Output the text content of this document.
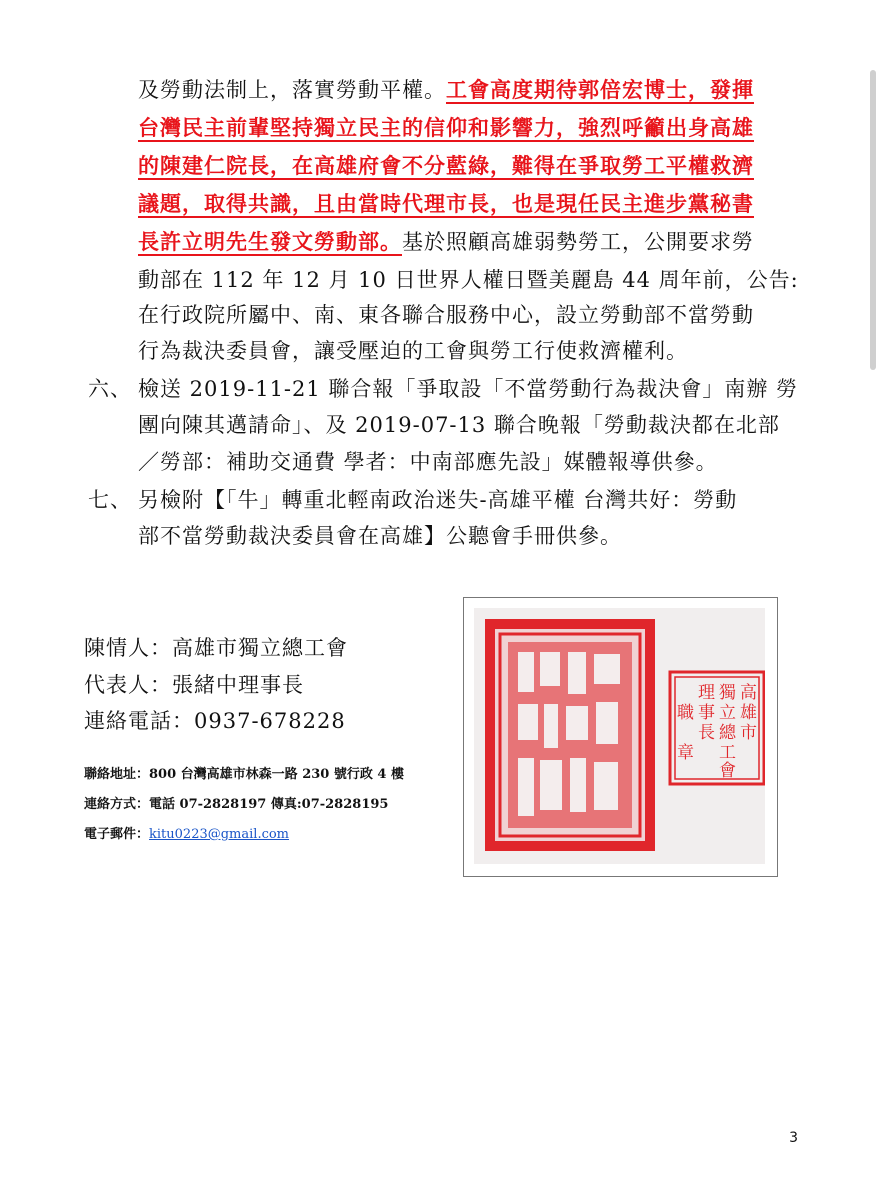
及勞動法制上，落實勞動平權。工會高度期待郭倍宏博士，發揮
台灣民主前輩堅持獨立民主的信仰和影響力，強烈呼籲出身高雄
的陳建仁院長，在高雄府會不分藍綠，難得在爭取勞工平權救濟
議題，取得共識，且由當時代理市長，也是現任民主進步黨秘書
長許立明先生發文勞動部。基於照顧高雄弱勢勞工，公開要求勞
動部在 112 年 12 月 10 日世界人權日暨美麗島 44 周年前，公告:
在行政院所屬中、南、東各聯合服務中心，設立勞動部不當勞動
行為裁決委員會，讓受壓迫的工會與勞工行使救濟權利。
六、 檢送 2019-11-21 聯合報「爭取設「不當勞動行為裁決會」南辦 勞
團向陳其邁請命」、及 2019-07-13 聯合晚報「勞動裁決都在北部
／勞部：補助交通費 學者：中南部應先設」媒體報導供參。
七、 另檢附【「牛」轉重北輕南政治迷失-高雄平權 台灣共好：勞動
部不當勞動裁決委員會在高雄】公聽會手冊供參。
陳情人：高雄市獨立總工會
代表人：張緒中理事長
連絡電話：0937-678228
聯絡地址：800 台灣高雄市林森一路 230 號行政 4 樓
連絡方式：電話 07-2828197 傳真:07-2828195
電子郵件：kitu0223@gmail.com
高
雄
市
獨
立
總
工
會
理
事
長
職
章
3
